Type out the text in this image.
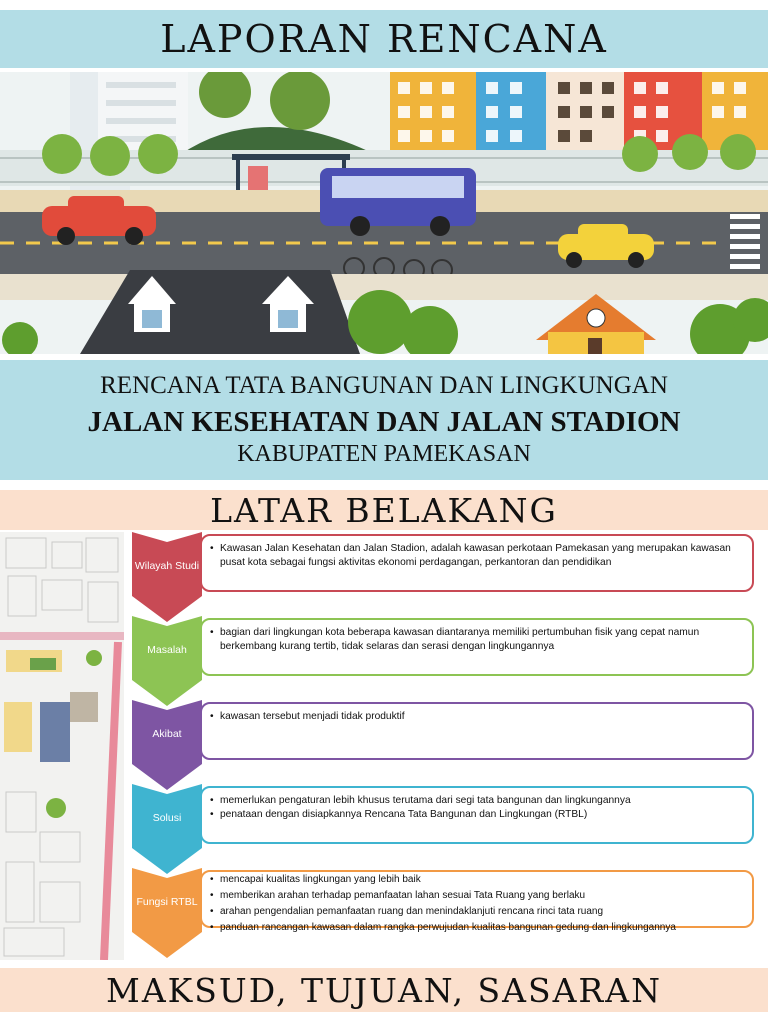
LAPORAN RENCANA
RENCANA TATA BANGUNAN DAN LINGKUNGAN
JALAN KESEHATAN DAN JALAN STADION
KABUPATEN PAMEKASAN
LATAR BELAKANG
Wilayah Studi
• Kawasan Jalan Kesehatan dan Jalan Stadion, adalah kawasan perkotaan Pamekasan yang merupakan kawasan pusat kota sebagai fungsi aktivitas ekonomi perdagangan, perkantoran dan pendidikan
Masalah
• bagian dari lingkungan kota beberapa kawasan diantaranya memiliki pertumbuhan fisik yang cepat namun berkembang kurang tertib, tidak selaras dan serasi dengan lingkungannya
Akibat
• kawasan tersebut menjadi tidak produktif
Solusi
• memerlukan pengaturan lebih khusus terutama dari segi tata bangunan dan lingkungannya
• penataan dengan disiapkannya Rencana Tata Bangunan dan Lingkungan (RTBL)
Fungsi RTBL
• mencapai kualitas lingkungan yang lebih baik
• memberikan arahan terhadap pemanfaatan lahan sesuai Tata Ruang yang berlaku
• arahan pengendalian pemanfaatan ruang dan menindaklanjuti rencana rinci tata ruang
• panduan rancangan kawasan dalam rangka perwujudan kualitas bangunan gedung dan lingkungannya
MAKSUD, TUJUAN, SASARAN
